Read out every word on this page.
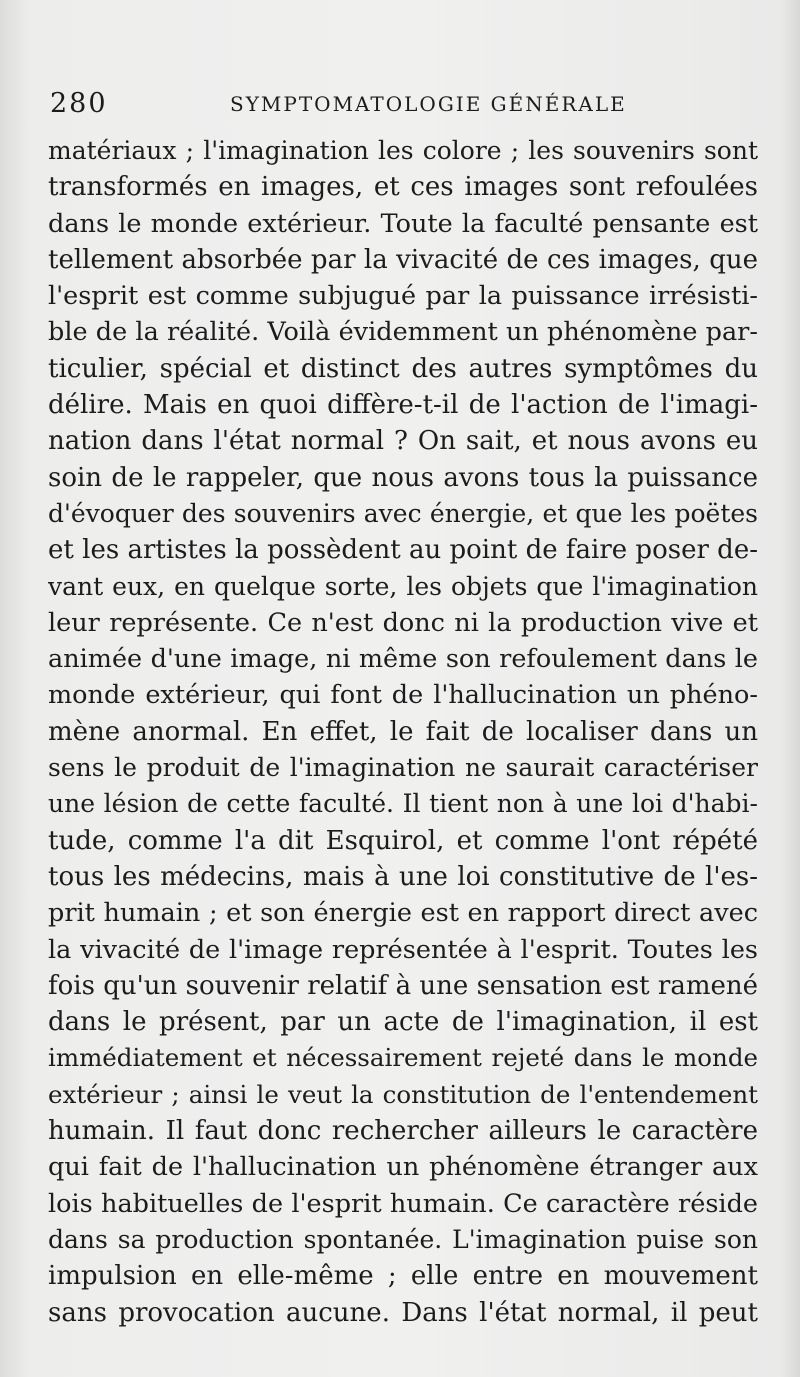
280	SYMPTOMATOLOGIE GÉNÉRALE
matériaux ; l'imagination les colore ; les souvenirs sont
transformés en images, et ces images sont refoulées
dans le monde extérieur. Toute la faculté pensante est
tellement absorbée par la vivacité de ces images, que
l'esprit est comme subjugué par la puissance irrésisti-
ble de la réalité. Voilà évidemment un phénomène par-
ticulier, spécial et distinct des autres symptômes du
délire. Mais en quoi diffère-t-il de l'action de l'imagi-
nation dans l'état normal ? On sait, et nous avons eu
soin de le rappeler, que nous avons tous la puissance
d'évoquer des souvenirs avec énergie, et que les poëtes
et les artistes la possèdent au point de faire poser de-
vant eux, en quelque sorte, les objets que l'imagination
leur représente. Ce n'est donc ni la production vive et
animée d'une image, ni même son refoulement dans le
monde extérieur, qui font de l'hallucination un phéno-
mène anormal. En effet, le fait de localiser dans un
sens le produit de l'imagination ne saurait caractériser
une lésion de cette faculté. Il tient non à une loi d'habi-
tude, comme l'a dit Esquirol, et comme l'ont répété
tous les médecins, mais à une loi constitutive de l'es-
prit humain ; et son énergie est en rapport direct avec
la vivacité de l'image représentée à l'esprit. Toutes les
fois qu'un souvenir relatif à une sensation est ramené
dans le présent, par un acte de l'imagination, il est
immédiatement et nécessairement rejeté dans le monde
extérieur ; ainsi le veut la constitution de l'entendement
humain. Il faut donc rechercher ailleurs le caractère
qui fait de l'hallucination un phénomène étranger aux
lois habituelles de l'esprit humain. Ce caractère réside
dans sa production spontanée. L'imagination puise son
impulsion en elle-même ; elle entre en mouvement
sans provocation aucune. Dans l'état normal, il peut
